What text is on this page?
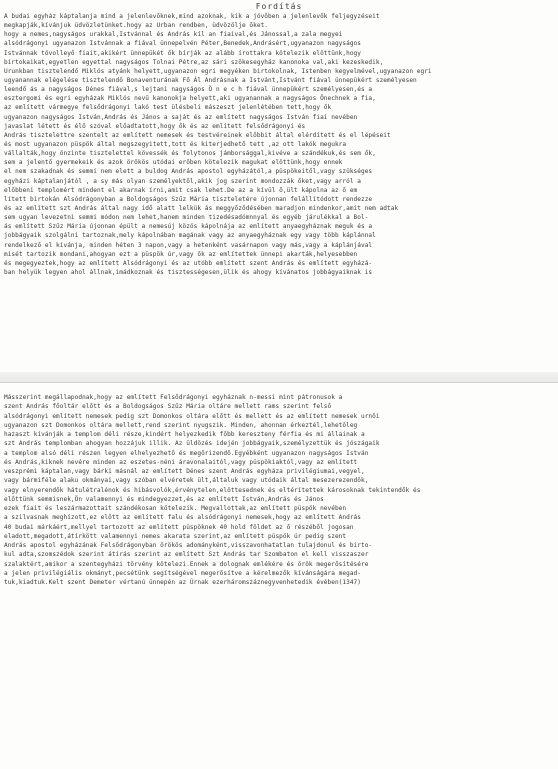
Fordítás
A budai egyház káptalanja mind a jelenlevőknek,mind azoknak, kik a jövőben a jelenlevők feljegyzéseit
megkapják,kívánjuk üdvözletünket.hogy az Urban rendben, üdvözölje őket.
hogy a nemes,nagyságos urakkal,Istvánnal és András kíl an fiaival,és Jánossal,a zala megyei
alsódrágonyi ugyanazon Istvánnak a fiával ünnepelvén Péter,Benedek,Andrásért,ugyanazon nagyságos
Istvánnak tövolleyő fiait,akikért ünnepükét ők bírják az alább írottakra kötelezik elöttünk,hogy
birtokaikat,egyetlen egyettal nagyságos Tolnai Pétre,az sári szőkesegyház kanonoka val,aki kezeskedik,
Urunkban tisztelendő Miklós atyánk helyett,ugyanazon egri megyéken birtokolnak, Istenben kegyelmével,ugyanazon egri
ugyanannak elégelése tisztelendő Bonaventurának Fő Ál Andrásnak a Istvánt,Istvánt fiával ünnepükért személyesen
leendő ás a nagyságos Dénes fiával,s lejtani nagyságos Ö n e c h fiával ünnepükért személyesen,és a
esztergomi és egri egyházak Miklós nevű kanonokja helyett,aki ugyanannak a nagyságos Önechnek a fia,
az említett vármegye felsődrágonyi lakó test ülésbeli mászeszt jelenlétében tett,hogy ők
ugyanazon nagyságos István,András és János a saját és az említett nagyságos István fiai nevében
javaslat létett és élő szóval előadtatott,hogy ők és az említett felsődrágonyi és
András tisztelettre szentelt az említett nemesek és testvéreinek előbbit által elérdített és el lépéseit
és most ugyanazon püspök által megszegyitett,tott és kiterjedhető tett ,az ott lakók megukra
vállalták,hogy önzinte tisztelettel kövessék és folytonos jámborsággal,kivéve a szándékuk,és sem ők,
sem a jelentő gyermekeik és azok örökös utódai erőben kötelezik magukat elöttünk,hogy ennek
el nem szakadnak és semmi nem elett a buldog András apostol egyházától,a püspökeitől,vagy szükséges
egyházi káptalanjától , a sy más olyan személyektől,akik jog szerint mondozzák őket,vagy arról a
előbbeni templomért mindent el akarnak írni,amit csak lehet.De az a kívül ő,ült kápolna az ő em
lített birtokán Alsódrágonyban a Boldogságos Szűz Mária tiszteletére újonnan felállítódott rendezze
és az említett szt András által nagy idő alatt lelkük ás meggyőződésében maradjon mindenkor,amit nem adtak
sem ugyan levezetni semmi módon nem lehet,hanem minden tizedésadómnnyal és egyéb járulékkal a Bol-
ás említett Szűz Mária újonnan épült a nemesúj közös kápolnája az említett anyaegyháznak meguk és a
jobbágyaik szolgálni tartoznak,mely kápolnában magának vagy az anyaegyháznak egy vagy több káplánnal
rendelkező el kívánja, minden héten 3 napon,vagy a hetenként vasárnapon vagy más,vagy a káplánjával
misét tartozik mondani,ahogyan ezt a püspök úr,vagy ők az említettek ünnepi akarták,helyesebben
és megegyeztek,hogy az említett Alsódrágonyi és az utóbb említett szent András és említett egyházá-
ban helyük legyen ahol állnak,imádkoznak és tisztességesen,ülik és ahogy kívánatos jobbágyaiknak is
Másszerint megállapodnak,hogy az említett Felsődrágonyi egyháznak n-messi mint pátronusok a
szent András főoltár előtt és a Boldogságos Szűz Mária oltáre mellett rams szerint felső
alsódrágonyi említett nemesek pedig szt Domonkos oltára előtt és mellett és az említett nemesek urnői
ugyanazon szt Domonkos oltára mellett,rend szerint nyugszik. Minden, ahonnan érkeztél,lehetőleg
hazaszt kívánják a templom déli része,kindért helyezkedik főbb kereszteny férfia és mi állainak a
szt András templomban ahogyan hozzájuk illik. Az üldözés idején jobbágyaik,személyzettük és jószágaik
a templom alsó déli részen legyen elhelyezhető és megőrizendő.Egyébként ugyanazon nagyságos István
és András,kiknek nevére minden az eszetes-néni áravonalaitól,vagy püspökiaktól,vagy az említett
veszprémi káptalan,vagy bárki másnál az említett Dénes szent András egyháza privilégiumai,vegyel,
vagy bármiféle alaku okmányai,vagy szóban elvéretek ült,általuk vagy utódaik által mesezerezendők,
vagy elnyerendők hátulétralénok és hibásvolók,érvénytelen,elöttesednek és eltérítettek károsoknak tekintendők és
előttünk semmisnek,Ön valamennyi és mindegyezzet,és az említett István,András és János
ezek fiait és leszármazottait szándékosan kötelezik. Megvallottak,az említett püspök nevében
a szilvasnak meghízott,ez előtt az említett falu és alsódrágonyi nemesek,hogy az említett András
40 budai márkáért,mellyel tartozott az említett püspöknek 40 hold földet az ő részéből jogosan
eladott,megadott,átírkött valamennyi nemes akarata szerint,az említett püspök úr pedig szent
András apostol egyházának Felsődrágonyban örökös adományként,visszavonhatatlan tulajdonul és birto-
kul adta,szomszédok szerint átírás szerint az említett Szt András tar Szombaton el kell visszaszer
szalaktért,amikor a szentegyházi törvény kötelezi.Ennek a dolognak emlékére és örök megerősítésére
a jelen privilégiális okmányt,pecsétünk segítségével megerősítve a kérelmezők kívánságára megad-
tuk,kiadtuk.Kelt szent Demeter vértanú ünnepén az Úrnak ezerháromszáznegyvenhetedik évében(1347)
